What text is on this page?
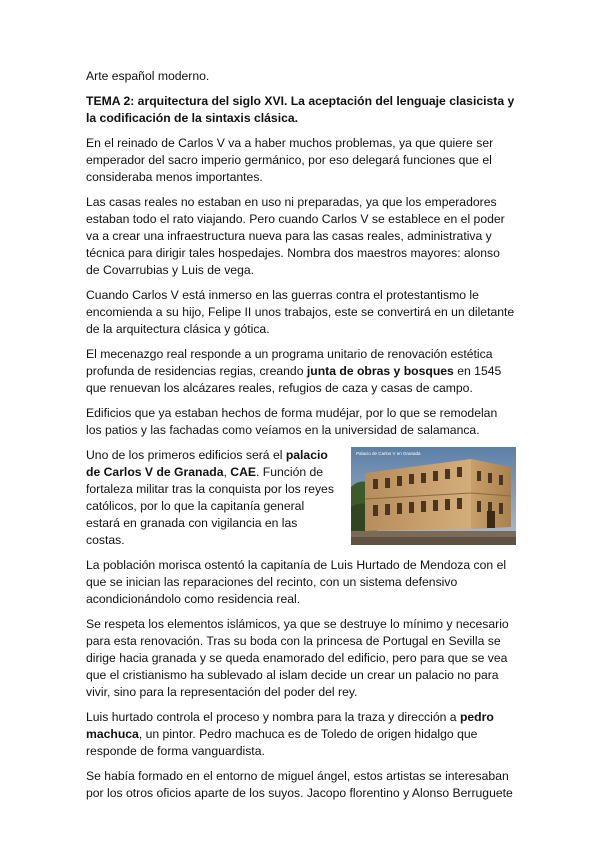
Arte español moderno.

TEMA 2: arquitectura del siglo XVI. La aceptación del lenguaje clasicista y la codificación de la sintaxis clásica.

En el reinado de Carlos V va a haber muchos problemas, ya que quiere ser emperador del sacro imperio germánico, por eso delegará funciones que el consideraba menos importantes.

Las casas reales no estaban en uso ni preparadas, ya que los emperadores estaban todo el rato viajando. Pero cuando Carlos V se establece en el poder va a crear una infraestructura nueva para las casas reales, administrativa y técnica para dirigir tales hospedajes. Nombra dos maestros mayores: alonso de Covarrubias y Luis de vega.

Cuando Carlos V está inmerso en las guerras contra el protestantismo le encomienda a su hijo, Felipe II unos trabajos, este se convertirá en un diletante de la arquitectura clásica y gótica.

El mecenazgo real responde a un programa unitario de renovación estética profunda de residencias regias, creando junta de obras y bosques en 1545 que renuevan los alcázares reales, refugios de caza y casas de campo.

Edificios que ya estaban hechos de forma mudéjar, por lo que se remodelan los patios y las fachadas como veíamos en la universidad de salamanca.

Palacio de Carlos V en Granada

Uno de los primeros edificios será el palacio de Carlos V de Granada, CAE. Función de fortaleza militar tras la conquista por los reyes católicos, por lo que la capitanía general estará en granada con vigilancia en las costas.

La población morisca ostentó la capitanía de Luis Hurtado de Mendoza con el que se inician las reparaciones del recinto, con un sistema defensivo acondicionándolo como residencia real.

Se respeta los elementos islámicos, ya que se destruye lo mínimo y necesario para esta renovación. Tras su boda con la princesa de Portugal en Sevilla se dirige hacia granada y se queda enamorado del edificio, pero para que se vea que el cristianismo ha sublevado al islam decide un crear un palacio no para vivir, sino para la representación del poder del rey.

Luis hurtado controla el proceso y nombra para la traza y dirección a pedro machuca, un pintor. Pedro machuca es de Toledo de origen hidalgo que responde de forma vanguardista.

Se había formado en el entorno de miguel ángel, estos artistas se interesaban por los otros oficios aparte de los suyos. Jacopo florentino y Alonso Berruguete
